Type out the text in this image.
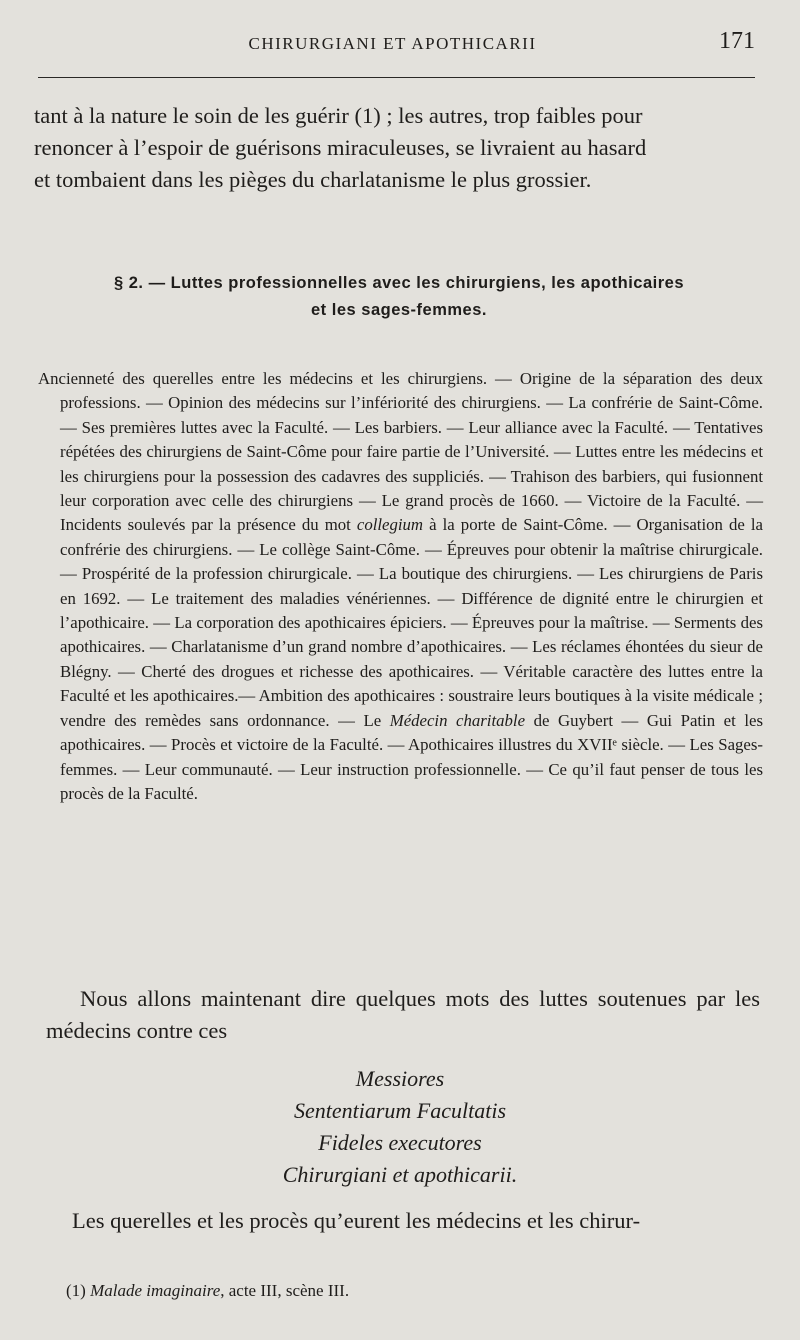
CHIRURGIANI ET APOTHICARII	171
tant à la nature le soin de les guérir (1) ; les autres, trop faibles pour
renoncer à l’espoir de guérisons miraculeuses, se livraient au hasard
et tombaient dans les pièges du charlatanisme le plus grossier.
§ 2. — Luttes professionnelles avec les chirurgiens, les apothicaires
et les sages-femmes.
Ancienneté des querelles entre les médecins et les chirurgiens. — Origine de la séparation des deux professions. — Opinion des médecins sur l’infériorité des chirurgiens. — La confrérie de Saint-Côme. — Ses premières luttes avec la Faculté. — Les barbiers. — Leur alliance avec la Faculté. — Tentatives répétées des chirurgiens de Saint-Côme pour faire partie de l’Université. — Luttes entre les médecins et les chirurgiens pour la possession des cadavres des suppliciés. — Trahison des barbiers, qui fusionnent leur corporation avec celle des chirurgiens — Le grand procès de 1660. — Victoire de la Faculté. — Incidents soulevés par la présence du mot collegium à la porte de Saint-Côme. — Organisation de la confrérie des chirurgiens. — Le collège Saint-Côme. — Épreuves pour obtenir la maîtrise chirurgicale. — Prospérité de la profession chirurgicale. — La boutique des chirurgiens. — Les chirurgiens de Paris en 1692. — Le traitement des maladies vénériennes. — Différence de dignité entre le chirurgien et l’apothicaire. — La corporation des apothicaires épiciers. — Épreuves pour la maîtrise. — Serments des apothicaires. — Charlatanisme d’un grand nombre d’apothicaires. — Les réclames éhontées du sieur de Blégny. — Cherté des drogues et richesse des apothicaires. — Véritable caractère des luttes entre la Faculté et les apothicaires.— Ambition des apothicaires : soustraire leurs boutiques à la visite médicale ; vendre des remèdes sans ordonnance. — Le Médecin charitable de Guybert — Gui Patin et les apothicaires. — Procès et victoire de la Faculté. — Apothicaires illustres du XVIIᵉ siècle. — Les Sages-femmes. — Leur communauté. — Leur instruction professionnelle. — Ce qu’il faut penser de tous les procès de la Faculté.
Nous allons maintenant dire quelques mots des luttes soutenues par les médecins contre ces
Messiores
Sententiarum Facultatis
Fideles executores
Chirurgiani et apothicarii.
Les querelles et les procès qu’eurent les médecins et les chirur-
(1) Malade imaginaire, acte III, scène III.
